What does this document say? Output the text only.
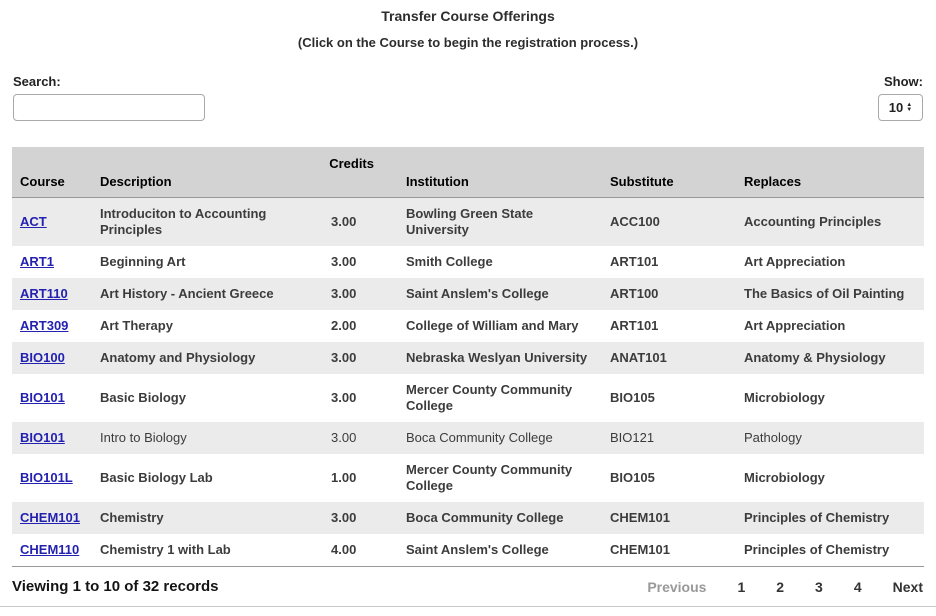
Transfer Course Offerings
(Click on the Course to begin the registration process.)
Search:	Show:
10 ▲
▼
Course	Description	Credits	Institution	Substitute	Replaces
ACT	Introduciton to Accounting Principles	3.00	Bowling Green State University	ACC100	Accounting Principles
ART1	Beginning Art	3.00	Smith College	ART101	Art Appreciation
ART110	Art History - Ancient Greece	3.00	Saint Anslem's College	ART100	The Basics of Oil Painting
ART309	Art Therapy	2.00	College of William and Mary	ART101	Art Appreciation
BIO100	Anatomy and Physiology	3.00	Nebraska Weslyan University	ANAT101	Anatomy & Physiology
BIO101	Basic Biology	3.00	Mercer County Community College	BIO105	Microbiology
BIO101	Intro to Biology	3.00	Boca Community College	BIO121	Pathology
BIO101L	Basic Biology Lab	1.00	Mercer County Community College	BIO105	Microbiology
CHEM101	Chemistry	3.00	Boca Community College	CHEM101	Principles of Chemistry
CHEM110	Chemistry 1 with Lab	4.00	Saint Anslem's College	CHEM101	Principles of Chemistry
Viewing 1 to 10 of 32 records	Previous 1 2 3 4 Next
